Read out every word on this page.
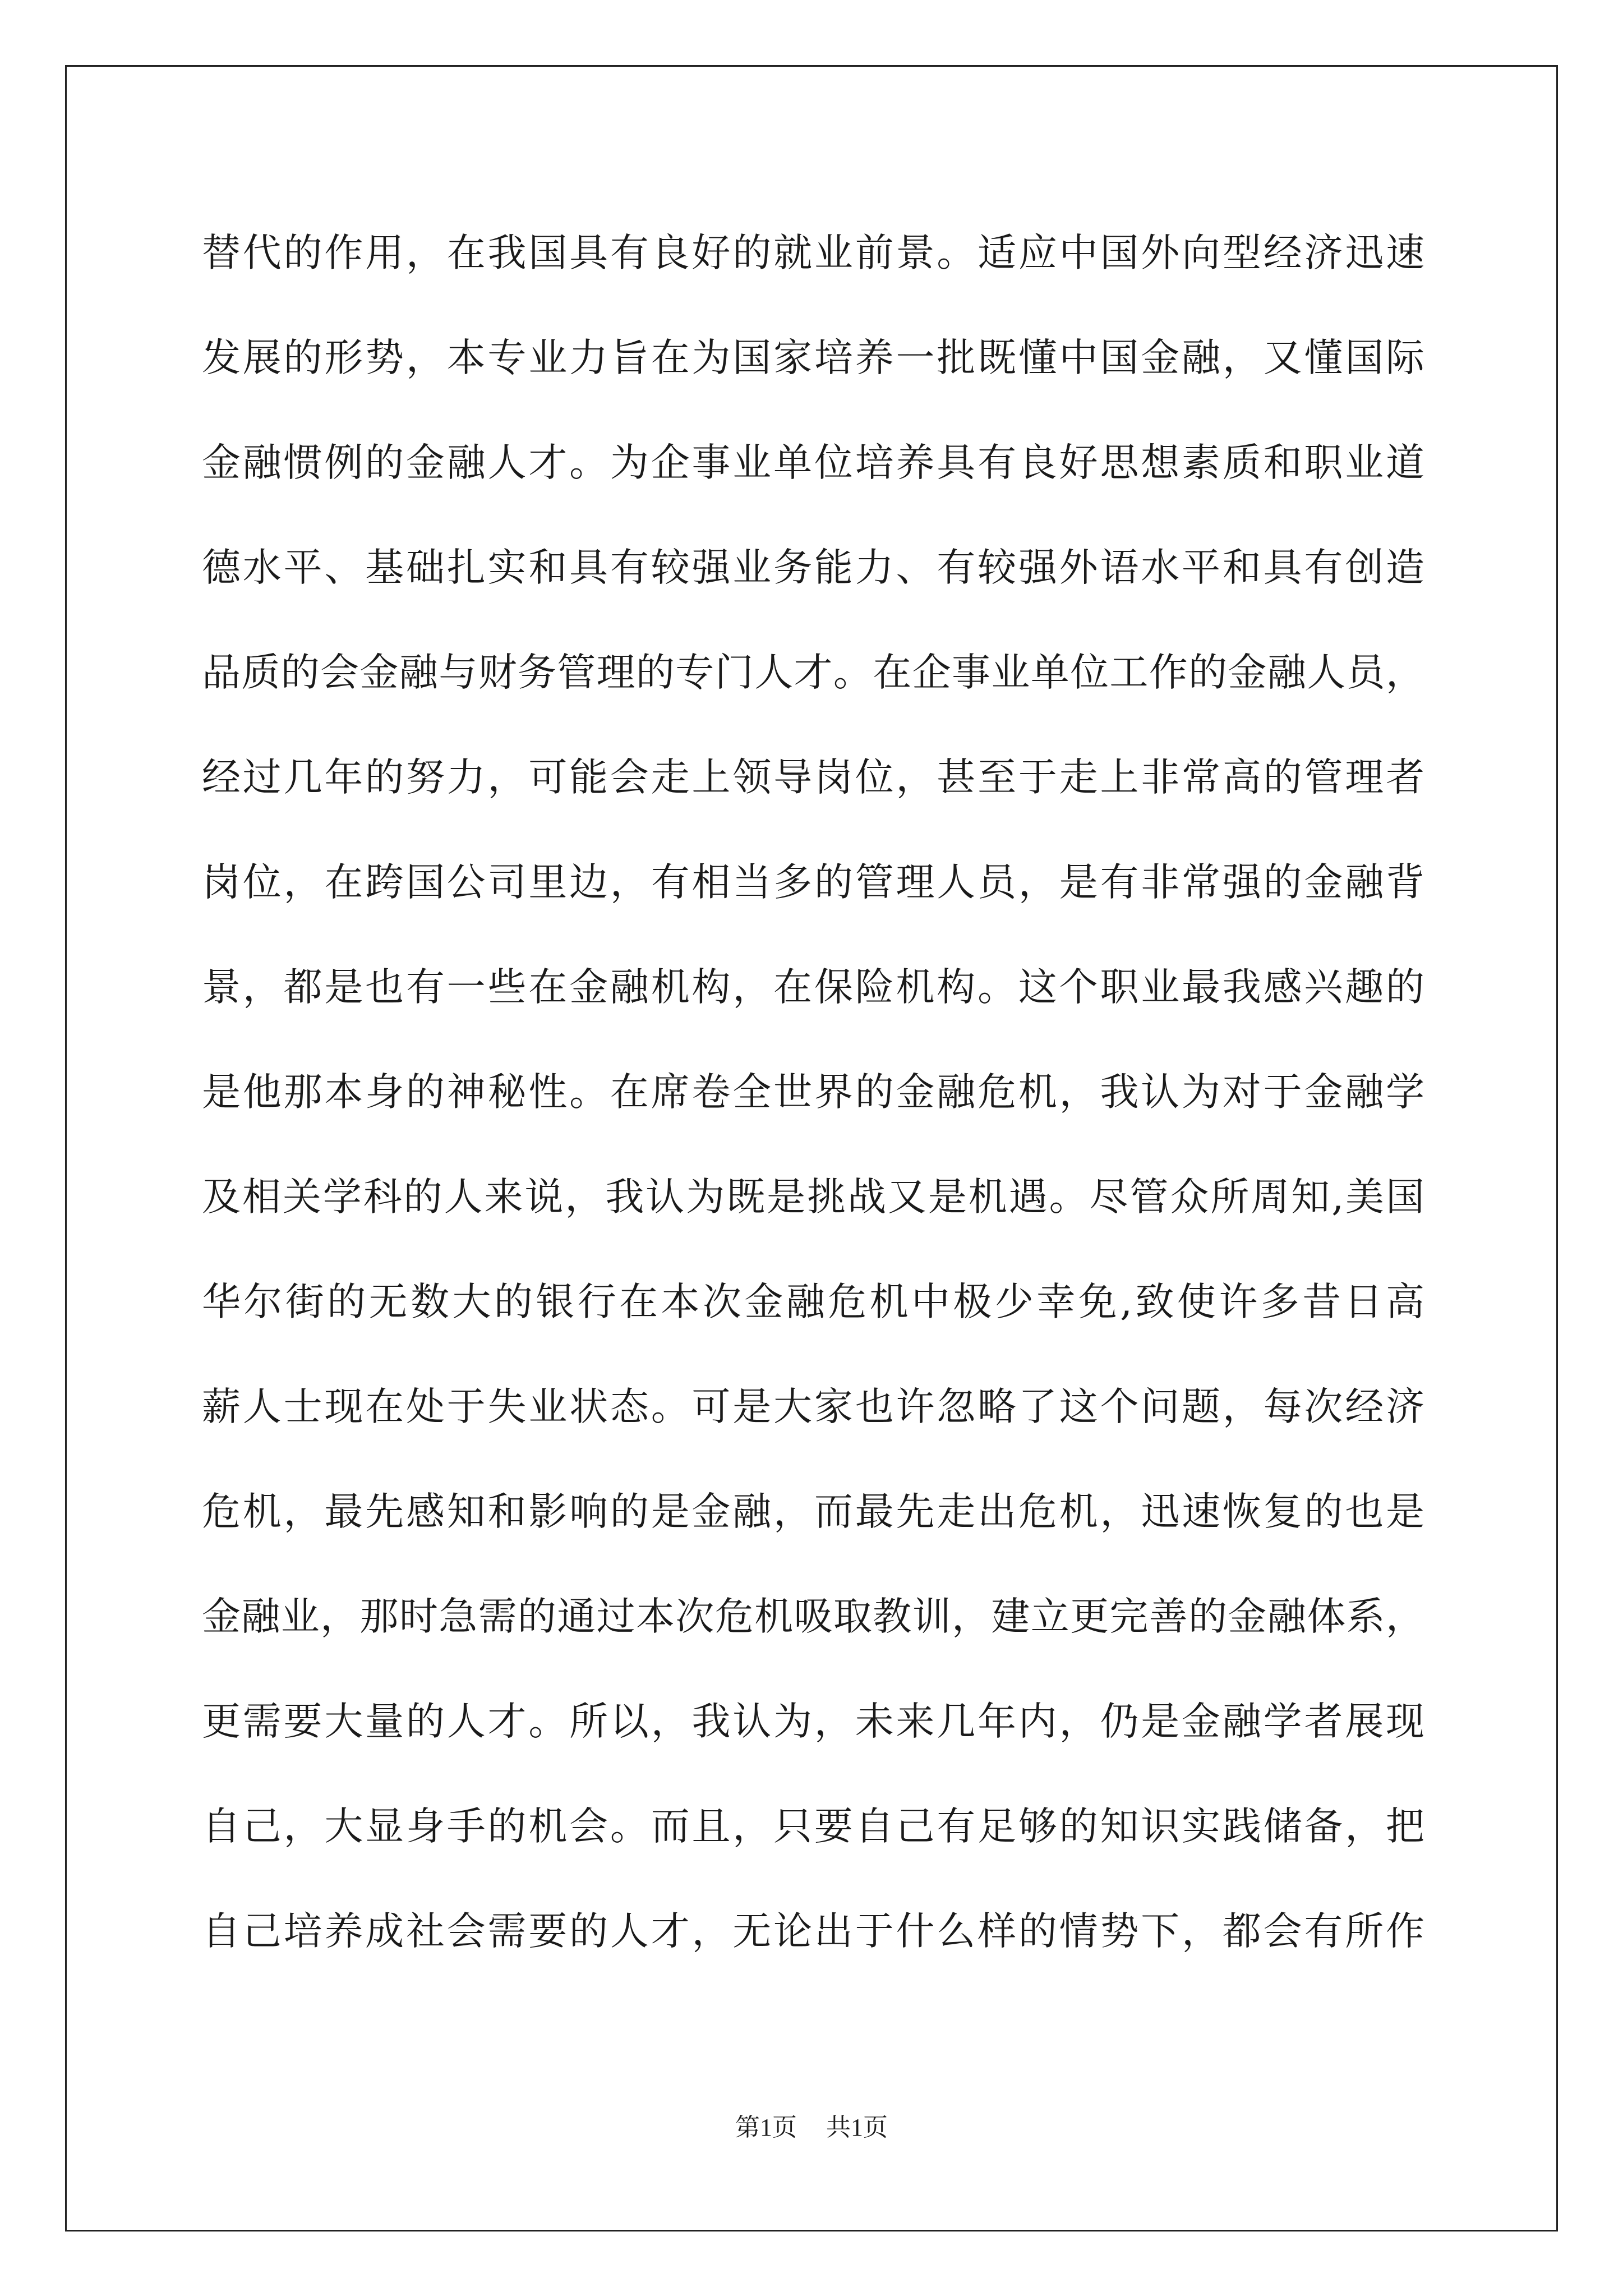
替代的作用，在我国具有良好的就业前景。适应中国外向型经济迅速
发展的形势，本专业力旨在为国家培养一批既懂中国金融，又懂国际
金融惯例的金融人才。为企事业单位培养具有良好思想素质和职业道
德水平、基础扎实和具有较强业务能力、有较强外语水平和具有创造
品质的会金融与财务管理的专门人才。在企事业单位工作的金融人员，
经过几年的努力，可能会走上领导岗位，甚至于走上非常高的管理者
岗位，在跨国公司里边，有相当多的管理人员，是有非常强的金融背
景，都是也有一些在金融机构，在保险机构。这个职业最我感兴趣的
是他那本身的神秘性。在席卷全世界的金融危机，我认为对于金融学
及相关学科的人来说，我认为既是挑战又是机遇。尽管众所周知,美国
华尔街的无数大的银行在本次金融危机中极少幸免,致使许多昔日高
薪人士现在处于失业状态。可是大家也许忽略了这个问题，每次经济
危机，最先感知和影响的是金融，而最先走出危机，迅速恢复的也是
金融业，那时急需的通过本次危机吸取教训，建立更完善的金融体系，
更需要大量的人才。所以，我认为，未来几年内，仍是金融学者展现
自己，大显身手的机会。而且，只要自己有足够的知识实践储备，把
自己培养成社会需要的人才，无论出于什么样的情势下，都会有所作
第1页 共1页
